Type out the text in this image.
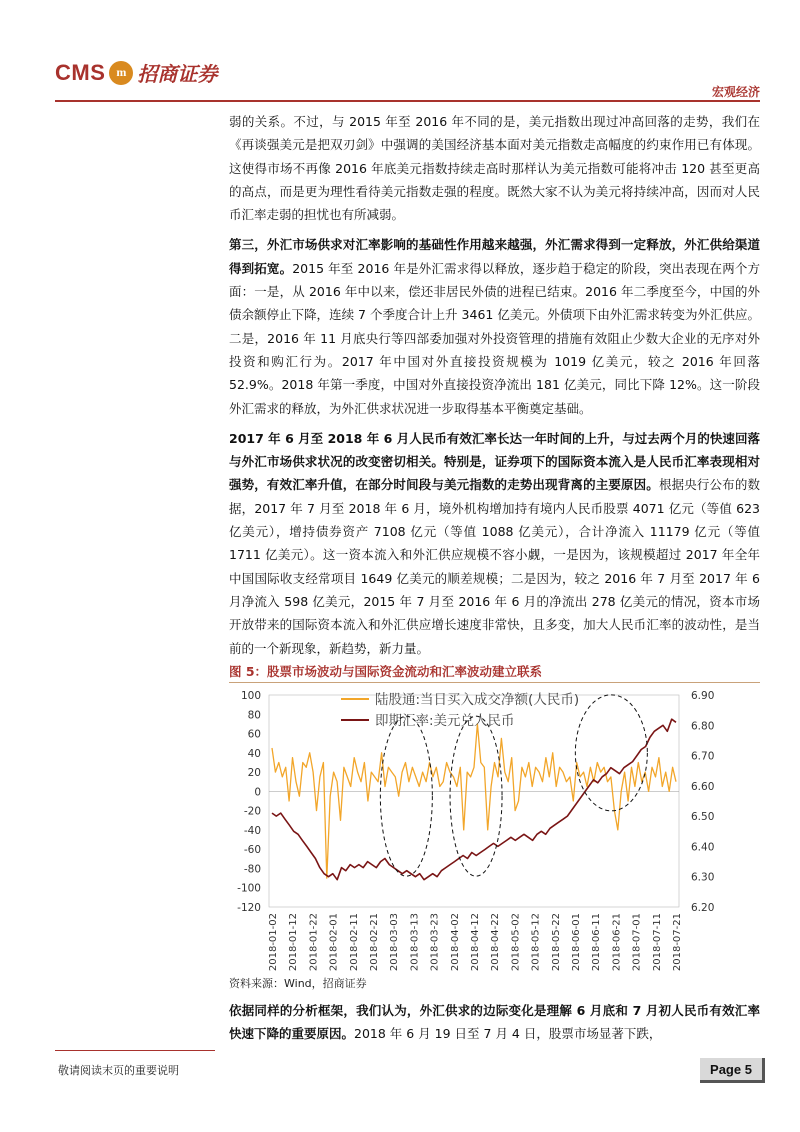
CMS m 招商证券
宏观经济

弱的关系。不过，与 2015 年至 2016 年不同的是，美元指数出现过冲高回落的走势，我们在《再谈强美元是把双刃剑》中强调的美国经济基本面对美元指数走高幅度的约束作用已有体现。这使得市场不再像 2016 年底美元指数持续走高时那样认为美元指数可能将冲击 120 甚至更高的高点，而是更为理性看待美元指数走强的程度。既然大家不认为美元将持续冲高，因而对人民币汇率走弱的担忧也有所减弱。

第三，外汇市场供求对汇率影响的基础性作用越来越强，外汇需求得到一定释放，外汇供给渠道得到拓宽。2015 年至 2016 年是外汇需求得以释放，逐步趋于稳定的阶段，突出表现在两个方面：一是，从 2016 年中以来，偿还非居民外债的进程已结束。2016 年二季度至今，中国的外债余额停止下降，连续 7 个季度合计上升 3461 亿美元。外债项下由外汇需求转变为外汇供应。二是，2016 年 11 月底央行等四部委加强对外投资管理的措施有效阻止少数大企业的无序对外投资和购汇行为。2017 年中国对外直接投资规模为 1019 亿美元，较之 2016 年回落 52.9%。2018 年第一季度，中国对外直接投资净流出 181 亿美元，同比下降 12%。这一阶段外汇需求的释放，为外汇供求状况进一步取得基本平衡奠定基础。

2017 年 6 月至 2018 年 6 月人民币有效汇率长达一年时间的上升，与过去两个月的快速回落与外汇市场供求状况的改变密切相关。特别是，证券项下的国际资本流入是人民币汇率表现相对强势，有效汇率升值，在部分时间段与美元指数的走势出现背离的主要原因。根据央行公布的数据，2017 年 7 月至 2018 年 6 月，境外机构增加持有境内人民币股票 4071 亿元（等值 623 亿美元），增持债券资产 7108 亿元（等值 1088 亿美元），合计净流入 11179 亿元（等值 1711 亿美元）。这一资本流入和外汇供应规模不容小觑，一是因为，该规模超过 2017 年全年中国国际收支经常项目 1649 亿美元的顺差规模；二是因为，较之 2016 年 7 月至 2017 年 6 月净流入 598 亿美元，2015 年 7 月至 2016 年 6 月的净流出 278 亿美元的情况，资本市场开放带来的国际资本流入和外汇供应增长速度非常快，且多变，加大人民币汇率的波动性，是当前的一个新现象，新趋势，新力量。

图 5：股票市场波动与国际资金流动和汇率波动建立联系
100
80
60
40
20
0
-20
-40
-60
-80
-100
-120
6.90
6.80
6.70
6.60
6.50
6.40
6.30
6.20
2018-01-02 2018-01-12 2018-01-22 2018-02-01 2018-02-11 2018-02-21 2018-03-03 2018-03-13 2018-03-23 2018-04-02 2018-04-12 2018-04-22 2018-05-02 2018-05-12 2018-05-22 2018-06-01 2018-06-11 2018-06-21 2018-07-01 2018-07-11 2018-07-21
陆股通:当日买入成交净额(人民币)
即期汇率:美元兑人民币
资料来源：Wind，招商证券

依据同样的分析框架，我们认为，外汇供求的边际变化是理解 6 月底和 7 月初人民币有效汇率快速下降的重要原因。2018 年 6 月 19 日至 7 月 4 日，股票市场显著下跌，

敬请阅读末页的重要说明	Page 5
